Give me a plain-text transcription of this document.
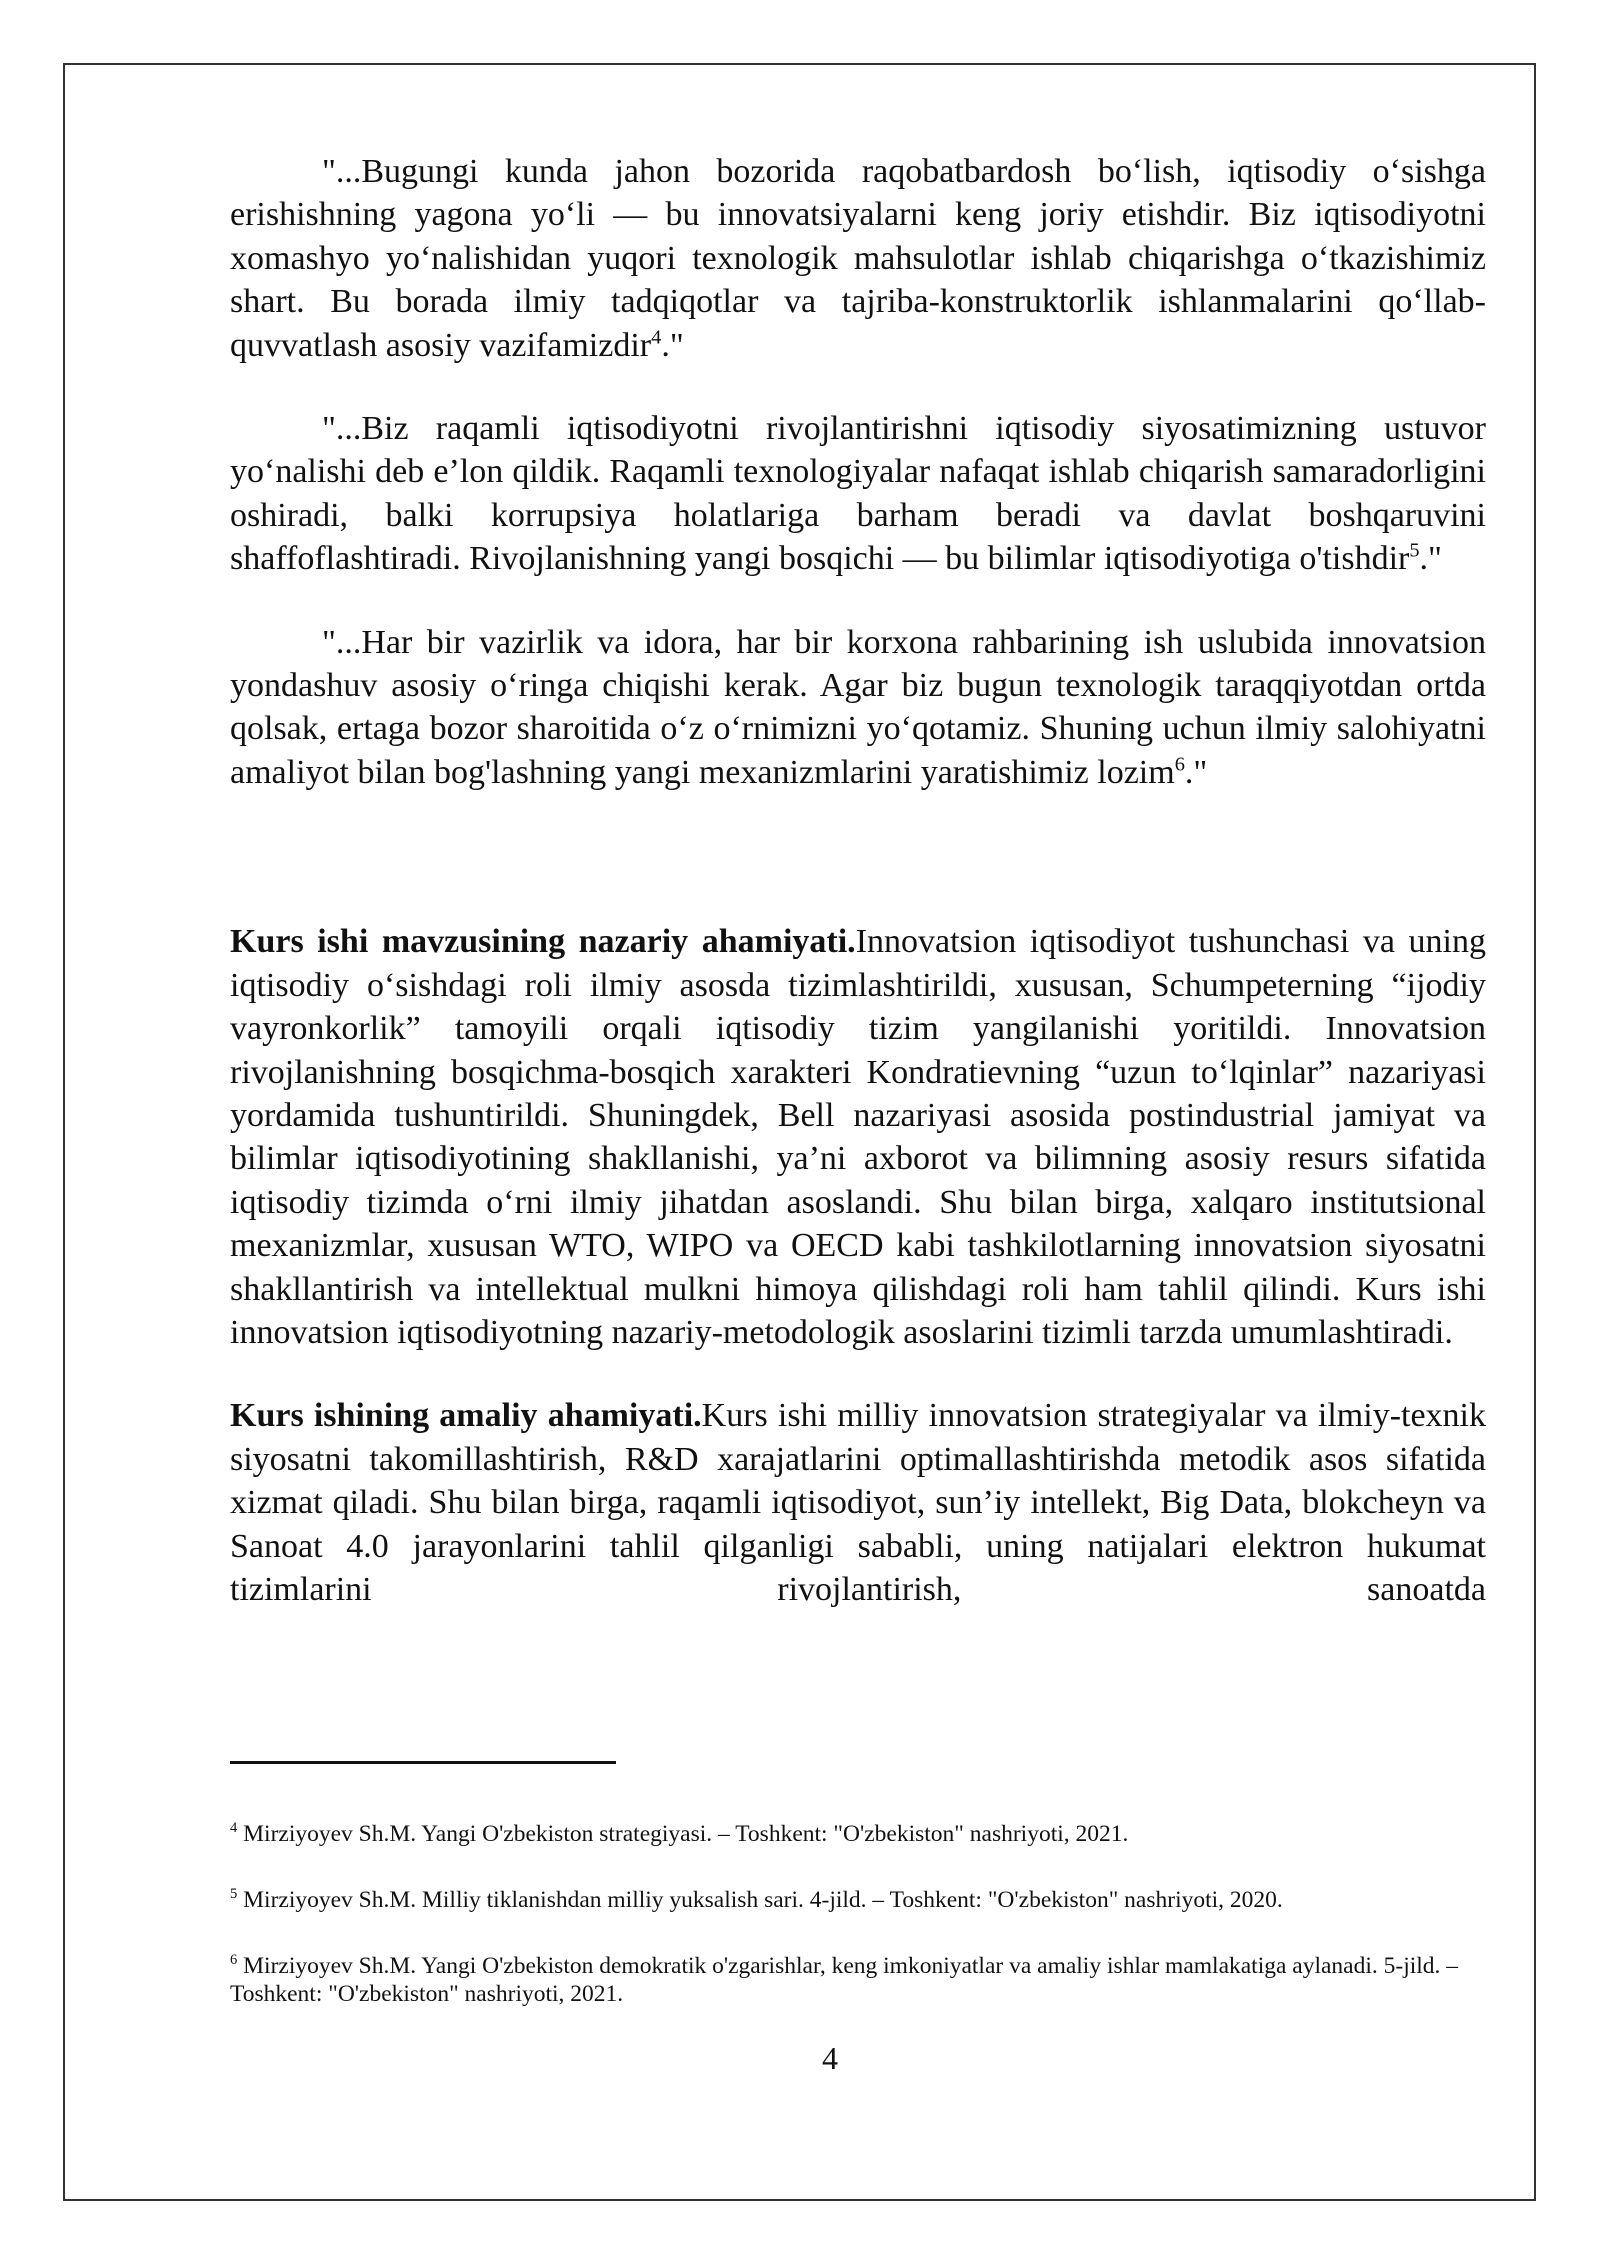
"...Bugungi kunda jahon bozorida raqobatbardosh bo‘lish, iqtisodiy o‘sishga erishishning yagona yo‘li — bu innovatsiyalarni keng joriy etishdir. Biz iqtisodiyotni xomashyo yo‘nalishidan yuqori texnologik mahsulotlar ishlab chiqarishga o‘tkazishimiz shart. Bu borada ilmiy tadqiqotlar va tajriba-konstruktorlik ishlanmalarini qo‘llab-quvvatlash asosiy vazifamizdir$^4$."

"...Biz raqamli iqtisodiyotni rivojlantirishni iqtisodiy siyosatimizning ustuvor yo‘nalishi deb e’lon qildik. Raqamli texnologiyalar nafaqat ishlab chiqarish samaradorligini oshiradi, balki korrupsiya holatlariga barham beradi va davlat boshqaruvini shaffoflashtiradi. Rivojlanishning yangi bosqichi — bu bilimlar iqtisodiyotiga o'tishdir$^5$."

"...Har bir vazirlik va idora, har bir korxona rahbarining ish uslubida innovatsion yondashuv asosiy o‘ringa chiqishi kerak. Agar biz bugun texnologik taraqqiyotdan ortda qolsak, ertaga bozor sharoitida o‘z o‘rnimizni yo‘qotamiz. Shuning uchun ilmiy salohiyatni amaliyot bilan bog'lashning yangi mexanizmlarini yaratishimiz lozim$^6$."

Kurs ishi mavzusining nazariy ahamiyati.Innovatsion iqtisodiyot tushunchasi va uning iqtisodiy o‘sishdagi roli ilmiy asosda tizimlashtirildi, xususan, Schumpeterning “ijodiy vayronkorlik” tamoyili orqali iqtisodiy tizim yangilanishi yoritildi. Innovatsion rivojlanishning bosqichma-bosqich xarakteri Kondratievning “uzun to‘lqinlar” nazariyasi yordamida tushuntirildi. Shuningdek, Bell nazariyasi asosida postindustrial jamiyat va bilimlar iqtisodiyotining shakllanishi, ya’ni axborot va bilimning asosiy resurs sifatida iqtisodiy tizimda o‘rni ilmiy jihatdan asoslandi. Shu bilan birga, xalqaro institutsional mexanizmlar, xususan WTO, WIPO va OECD kabi tashkilotlarning innovatsion siyosatni shakllantirish va intellektual mulkni himoya qilishdagi roli ham tahlil qilindi. Kurs ishi innovatsion iqtisodiyotning nazariy-metodologik asoslarini tizimli tarzda umumlashtiradi.

Kurs ishining amaliy ahamiyati.Kurs ishi milliy innovatsion strategiyalar va ilmiy-texnik siyosatni takomillashtirish, R&D xarajatlarini optimallashtirishda metodik asos sifatida xizmat qiladi. Shu bilan birga, raqamli iqtisodiyot, sun’iy intellekt, Big Data, blokcheyn va Sanoat 4.0 jarayonlarini tahlil qilganligi sababli, uning natijalari elektron hukumat tizimlarini rivojlantirish, sanoatda

$^4$ Mirziyoyev Sh.M. Yangi O'zbekiston strategiyasi. – Toshkent: "O'zbekiston" nashriyoti, 2021.

$^5$ Mirziyoyev Sh.M. Milliy tiklanishdan milliy yuksalish sari. 4-jild. – Toshkent: "O'zbekiston" nashriyoti, 2020.

$^6$ Mirziyoyev Sh.M. Yangi O'zbekiston demokratik o'zgarishlar, keng imkoniyatlar va amaliy ishlar mamlakatiga aylanadi. 5-jild. – Toshkent: "O'zbekiston" nashriyoti, 2021.

4
